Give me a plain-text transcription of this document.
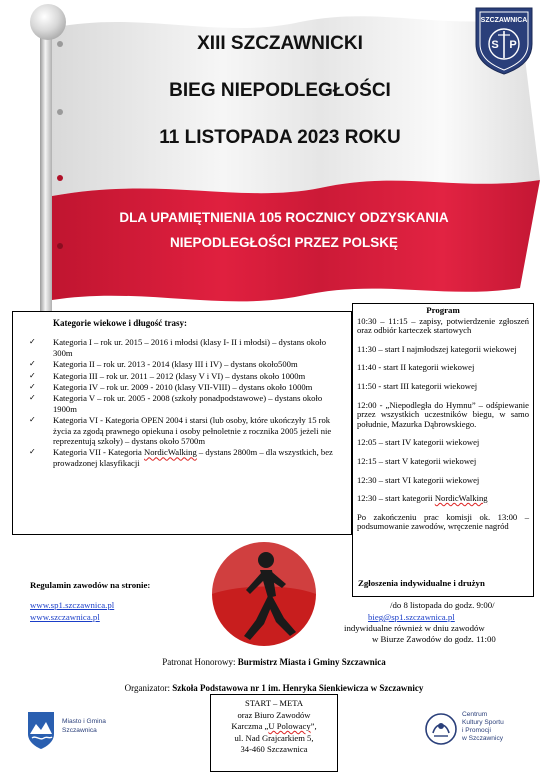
XIII SZCZAWNICKI
BIEG NIEPODLEGŁOŚCI
11 LISTOPADA 2023 ROKU
DLA UPAMIĘTNIENIA 105 ROCZNICY ODZYSKANIA
NIEPODLEGŁOŚCI PRZEZ POLSKĘ
SZCZAWNICA
S P
Kategorie wiekowe i długość trasy:
✓ Kategoria I – rok ur. 2015 – 2016 i młodsi (klasy I- II i młodsi) – dystans około 300m
✓ Kategoria II – rok ur. 2013 - 2014 (klasy III i IV) – dystans około500m
✓ Kategoria III – rok ur. 2011 – 2012 (klasy V i VI) – dystans około 1000m
✓ Kategoria IV – rok ur. 2009 - 2010 (klasy VII-VIII) – dystans około 1000m
✓ Kategoria V – rok ur. 2005 - 2008 (szkoły ponadpodstawowe) – dystans około 1900m
✓ Kategoria VI - Kategoria OPEN 2004 i starsi (lub osoby, które ukończyły 15 rok życia za zgodą prawnego opiekuna i osoby pełnoletnie z rocznika 2005 jeżeli nie reprezentują szkoły) – dystans około 5700m
✓ Kategoria VII - Kategoria NordicWalking – dystans 2800m – dla wszystkich, bez prowadzonej klasyfikacji
Program
10:30 – 11:15 – zapisy, potwierdzenie zgłoszeń oraz odbiór karteczek startowych
11:30 – start I najmłodszej kategorii wiekowej
11:40 - start II kategorii wiekowej
11:50 - start III kategorii wiekowej
12:00 - „Niepodległa do Hymnu” – odśpiewanie przez wszystkich uczestników biegu, w samo południe, Mazurka Dąbrowskiego.
12:05 – start IV kategorii wiekowej
12:15 – start V kategorii wiekowej
12:30 – start VI kategorii wiekowej
12:30 – start kategorii NordicWalking
Po zakończeniu prac komisji ok. 13:00 – podsumowanie zawodów, wręczenie nagród
Regulamin zawodów na stronie:
www.sp1.szczawnica.pl
www.szczawnica.pl
Zgłoszenia indywidualne i drużyn
/do 8 listopada do godz. 9:00/
bieg@sp1.szczawnica.pl
indywidualne również w dniu zawodów
w Biurze Zawodów do godz. 11:00
Patronat Honorowy: Burmistrz Miasta i Gminy Szczawnica
Organizator: Szkoła Podstawowa nr 1 im. Henryka Sienkiewicza w Szczawnicy
START – META
oraz Biuro Zawodów
Karczma „U Polowacy”,
ul. Nad Grajcarkiem 5,
34-460 Szczawnica
Miasto i Gmina
Szczawnica
Centrum
Kultury Sportu
i Promocji
w Szczawnicy
